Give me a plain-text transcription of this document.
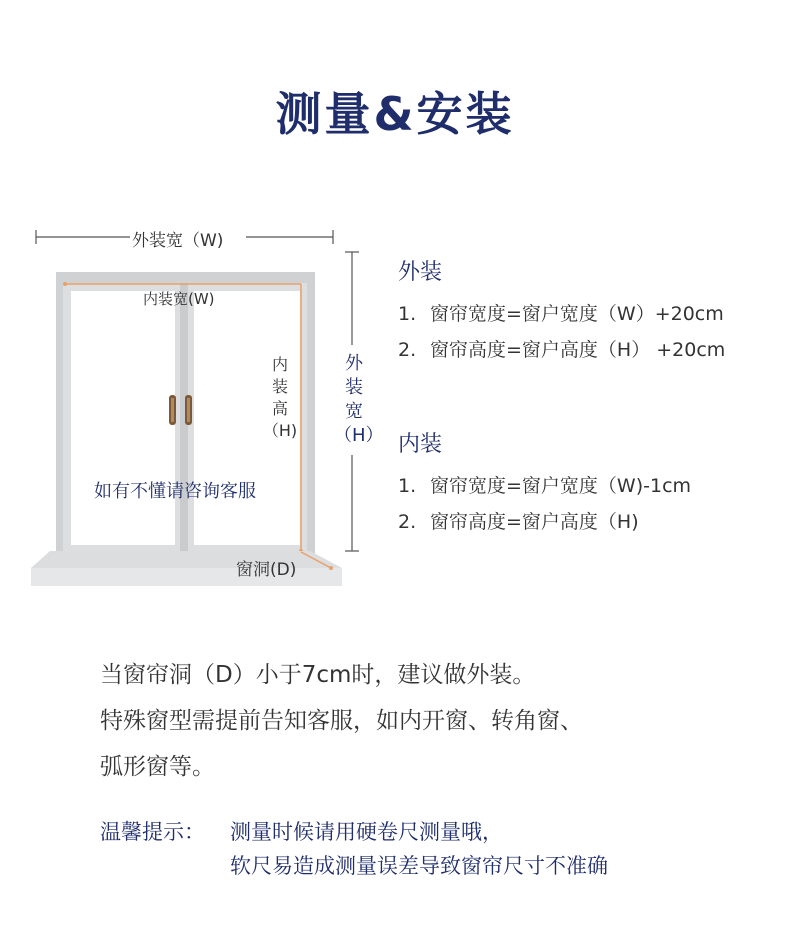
测量&安装
外装宽（W)
内装宽(W)
内
装
高
（H)
外
装
宽
（H）
如有不懂请咨询客服
窗洞(D)
外装
1. 窗帘宽度=窗户宽度（W）+20cm
2. 窗帘高度=窗户高度（H） +20cm
内装
1. 窗帘宽度=窗户宽度（W)-1cm
2. 窗帘高度=窗户高度（H)
当窗帘洞（D）小于7cm时，建议做外装。
特殊窗型需提前告知客服，如内开窗、转角窗、
弧形窗等。
温馨提示： 测量时候请用硬卷尺测量哦，
软尺易造成测量误差导致窗帘尺寸不准确
